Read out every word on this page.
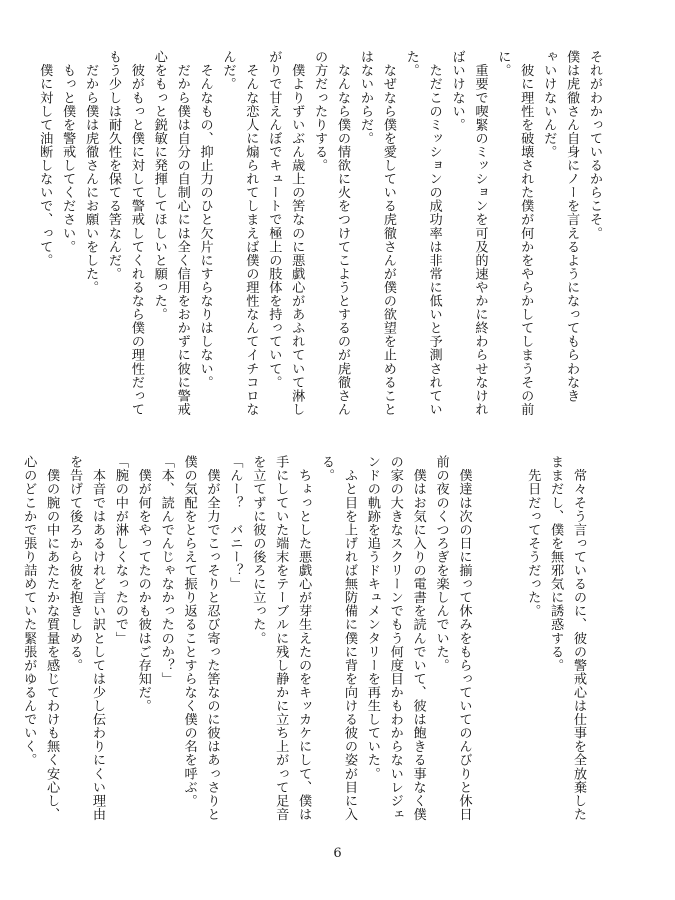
それがわかっているからこそ。
僕は虎徹さん自身にノーを言えるようになってもらわなき
ゃいけないんだ。
　彼に理性を破壊された僕が何かをやらかしてしまうその前
に。
　重要で喫緊のミッションを可及的速やかに終わらせなけれ
ばいけない。
　ただこのミッションの成功率は非常に低いと予測されてい
た。
　なぜなら僕を愛している虎徹さんが僕の欲望を止めること
はないからだ。
　なんなら僕の情欲に火をつけてこようとするのが虎徹さん
の方だったりする。
　僕よりずいぶん歳上の筈なのに悪戯心があふれていて淋し
がりで甘えんぼでキュートで極上の肢体を持っていて。
　そんな恋人に煽られてしまえば僕の理性なんてイチコロな
んだ。
　そんなもの、抑止力のひと欠片にすらなりはしない。
　だから僕は自分の自制心には全く信用をおかずに彼に警戒
心をもっと鋭敏に発揮してほしいと願った。
　彼がもっと僕に対して警戒してくれるなら僕の理性だって
もう少しは耐久性を保てる筈なんだ。
　だから僕は虎徹さんにお願いをした。
　もっと僕を警戒してください。
　僕に対して油断しないで、って。
　常々そう言っているのに、彼の警戒心は仕事を全放棄した
ままだし、僕を無邪気に誘惑する。
　先日だってそうだった。

　僕達は次の日に揃って休みをもらっていてのんびりと休日
前の夜のくつろぎを楽しんでいた。
　僕はお気に入りの電書を読んでいて、彼は飽きる事なく僕
の家の大きなスクリーンでもう何度目かもわからないレジェ
ンドの軌跡を追うドキュメンタリーを再生していた。
　ふと目を上げれば無防備に僕に背を向ける彼の姿が目に入
る。
　ちょっとした悪戯心が芽生えたのをキッカケにして、僕は
手にしていた端末をテーブルに残し静かに立ち上がって足音
を立てずに彼の後ろに立った。
「んー？　バニー？」
　僕が全力でこっそりと忍び寄った筈なのに彼はあっさりと
僕の気配をとらえて振り返ることすらなく僕の名を呼ぶ。
「本、読んでんじゃなかったのか？」
　僕が何をやってたのかも彼はご存知だ。
「腕の中が淋しくなったので」
　本音ではあるけれど言い訳としては少し伝わりにくい理由
を告げて後ろから彼を抱きしめる。
　僕の腕の中にあたたかな質量を感じてわけも無く安心し、
心のどこかで張り詰めていた緊張がゆるんでいく。
6
